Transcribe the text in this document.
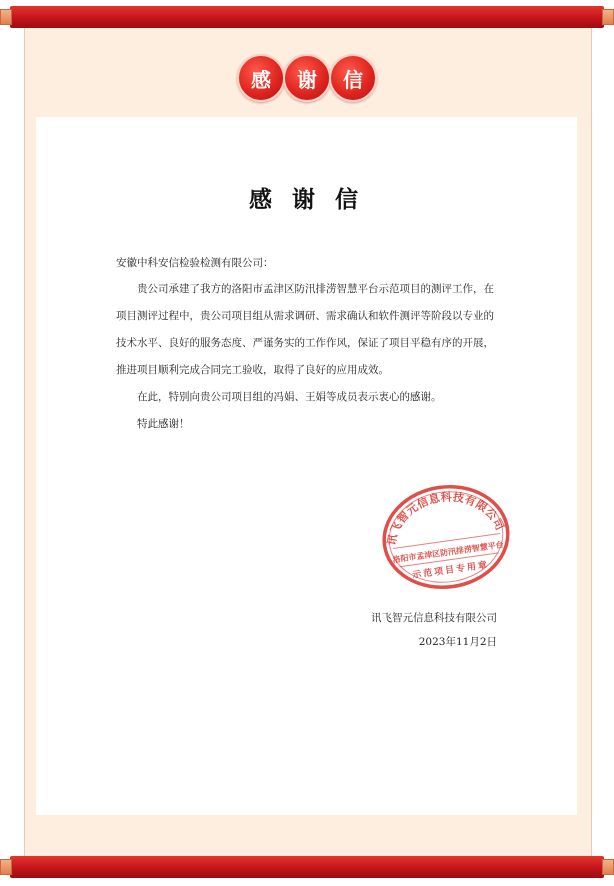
感	谢	信
感 谢 信
安徽中科安信检验检测有限公司：

贵公司承建了我方的洛阳市孟津区防汛排涝智慧平台示范项目的测评工作，在项目测评过程中，贵公司项目组从需求调研、需求确认和软件测评等阶段以专业的技术水平、良好的服务态度、严谨务实的工作作风，保证了项目平稳有序的开展，推进项目顺利完成合同完工验收，取得了良好的应用成效。

在此，特别向贵公司项目组的冯娟、王娟等成员表示衷心的感谢。

特此感谢！

讯飞智元信息科技有限公司
洛阳市孟津区防汛排涝智慧平台
示范项目专用章
讯飞智元信息科技有限公司
2023年11月2日
